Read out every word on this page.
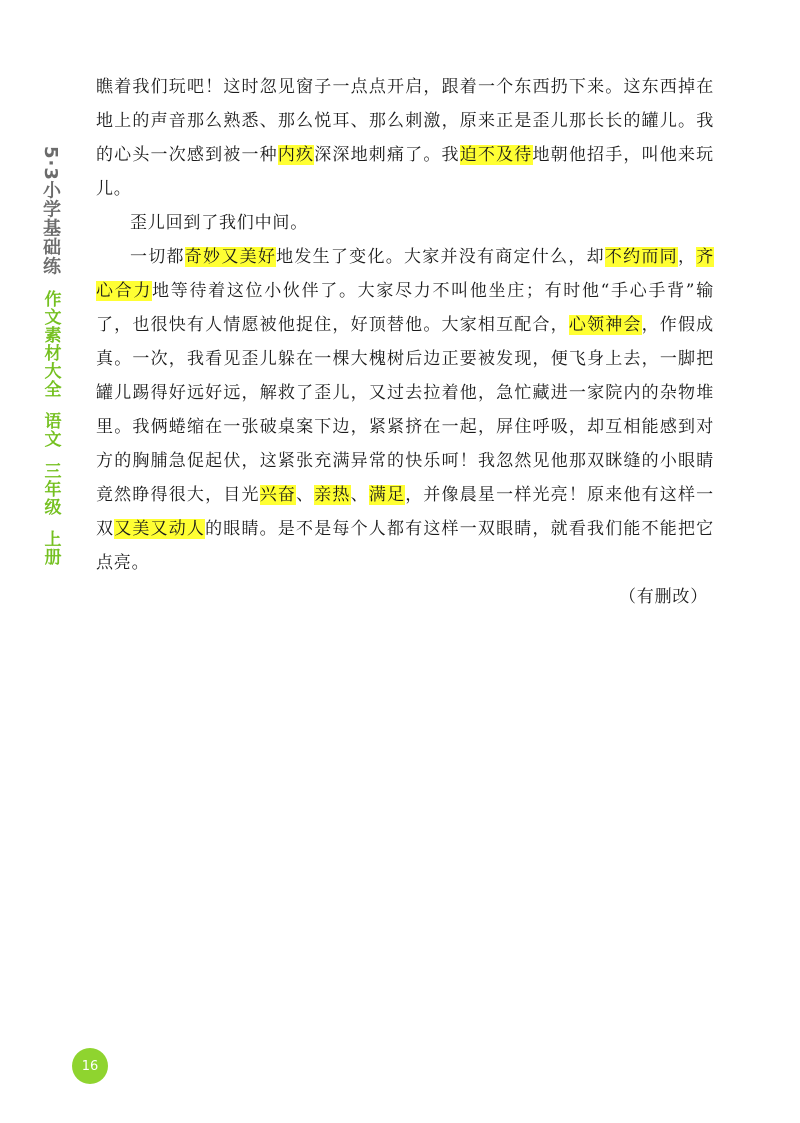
5·3小学基础练
作文素材大全
语文
三年级
上册

瞧着我们玩吧！这时忽见窗子一点点开启，跟着一个东西扔下来。这东西掉在地上的声音那么熟悉、那么悦耳、那么刺激，原来正是歪儿那长长的罐儿。我的心头一次感到被一种内疚深深地刺痛了。我迫不及待地朝他招手，叫他来玩儿。

歪儿回到了我们中间。

一切都奇妙又美好地发生了变化。大家并没有商定什么，却不约而同，齐心合力地等待着这位小伙伴了。大家尽力不叫他坐庄；有时他“手心手背”输了，也很快有人情愿被他捉住，好顶替他。大家相互配合，心领神会，作假成真。一次，我看见歪儿躲在一棵大槐树后边正要被发现，便飞身上去，一脚把罐儿踢得好远好远，解救了歪儿，又过去拉着他，急忙藏进一家院内的杂物堆里。我俩蜷缩在一张破桌案下边，紧紧挤在一起，屏住呼吸，却互相能感到对方的胸脯急促起伏，这紧张充满异常的快乐呵！我忽然见他那双眯缝的小眼睛竟然睁得很大，目光兴奋、亲热、满足，并像晨星一样光亮！原来他有这样一双又美又动人的眼睛。是不是每个人都有这样一双眼睛，就看我们能不能把它点亮。

（有删改）

16
